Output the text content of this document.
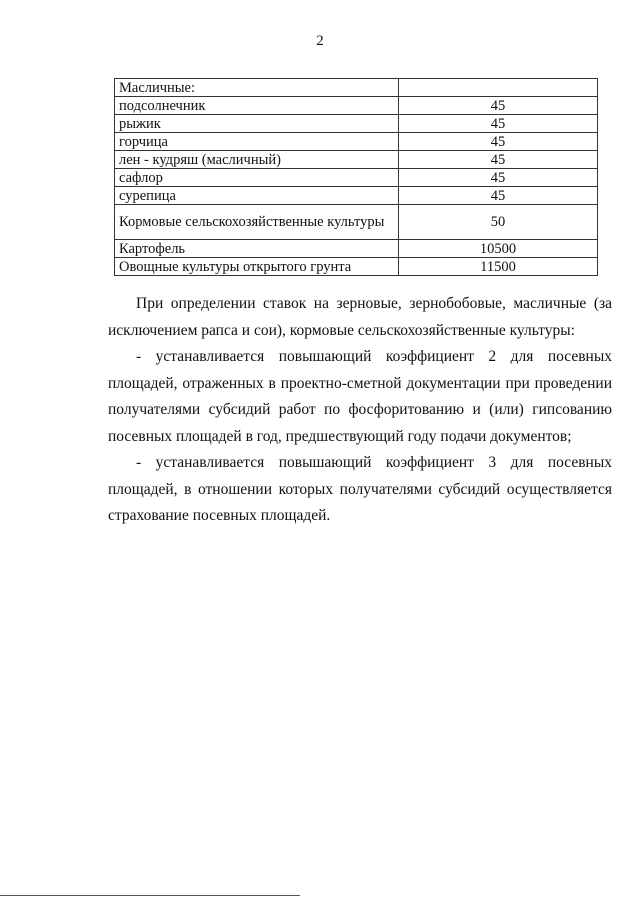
2
Масличные:	
подсолнечник	45
рыжик	45
горчица	45
лен - кудряш (масличный)	45
сафлор	45
сурепица	45
Кормовые сельскохозяйственные культуры	50
Картофель	10500
Овощные культуры открытого грунта	11500

При определении ставок на зерновые, зернобобовые, масличные (за исключением рапса и сои), кормовые сельскохозяйственные культуры:

- устанавливается повышающий коэффициент 2 для посевных площадей, отраженных в проектно-сметной документации при проведении получателями субсидий работ по фосфоритованию и (или) гипсованию посевных площадей в год, предшествующий году подачи документов;

- устанавливается повышающий коэффициент 3 для посевных площадей, в отношении которых получателями субсидий осуществляется страхование посевных площадей.
